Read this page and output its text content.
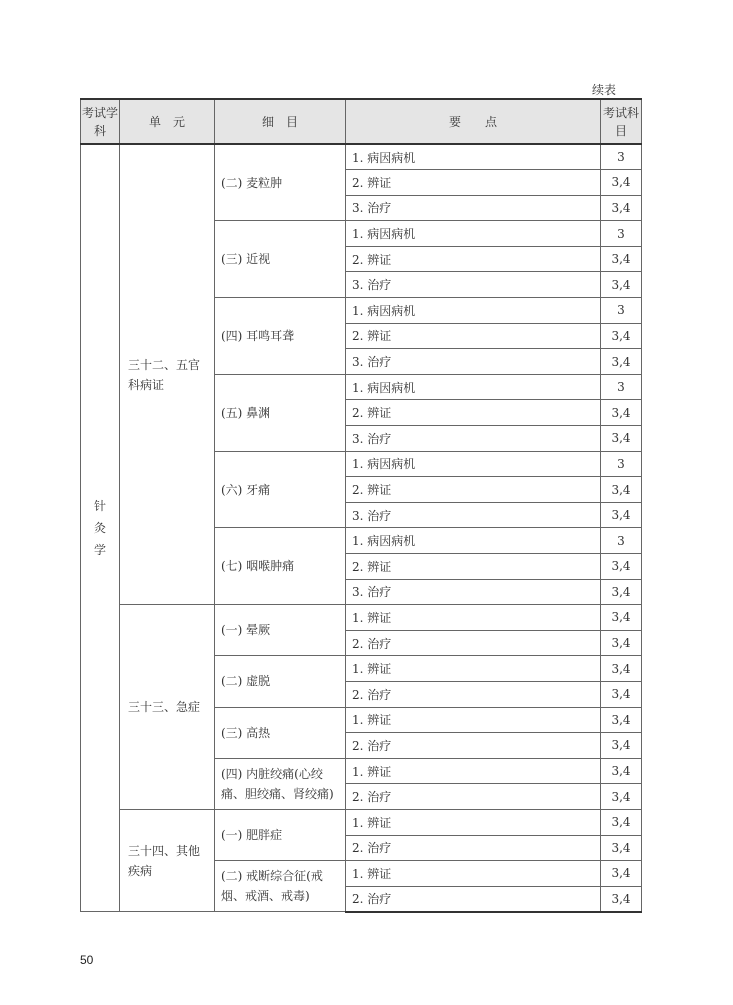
续表
考试学科	单　元	细　目	要　　点	考试科目

针
灸
学	三十二、五官科病证	(二) 麦粒肿	1. 病因病机	3
			2. 辨证	3,4
			3. 治疗	3,4
		(三) 近视	1. 病因病机	3
			2. 辨证	3,4
			3. 治疗	3,4
		(四) 耳鸣耳聋	1. 病因病机	3
			2. 辨证	3,4
			3. 治疗	3,4
		(五) 鼻渊	1. 病因病机	3
			2. 辨证	3,4
			3. 治疗	3,4
		(六) 牙痛	1. 病因病机	3
			2. 辨证	3,4
			3. 治疗	3,4
		(七) 咽喉肿痛	1. 病因病机	3
			2. 辨证	3,4
			3. 治疗	3,4
	三十三、急症	(一) 晕厥	1. 辨证	3,4
			2. 治疗	3,4
		(二) 虚脱	1. 辨证	3,4
			2. 治疗	3,4
		(三) 高热	1. 辨证	3,4
			2. 治疗	3,4
		(四) 内脏绞痛(心绞痛、胆绞痛、肾绞痛)	1. 辨证	3,4
			2. 治疗	3,4
	三十四、其他疾病	(一) 肥胖症	1. 辨证	3,4
			2. 治疗	3,4
		(二) 戒断综合征(戒烟、戒酒、戒毒)	1. 辨证	3,4
			2. 治疗	3,4
50
